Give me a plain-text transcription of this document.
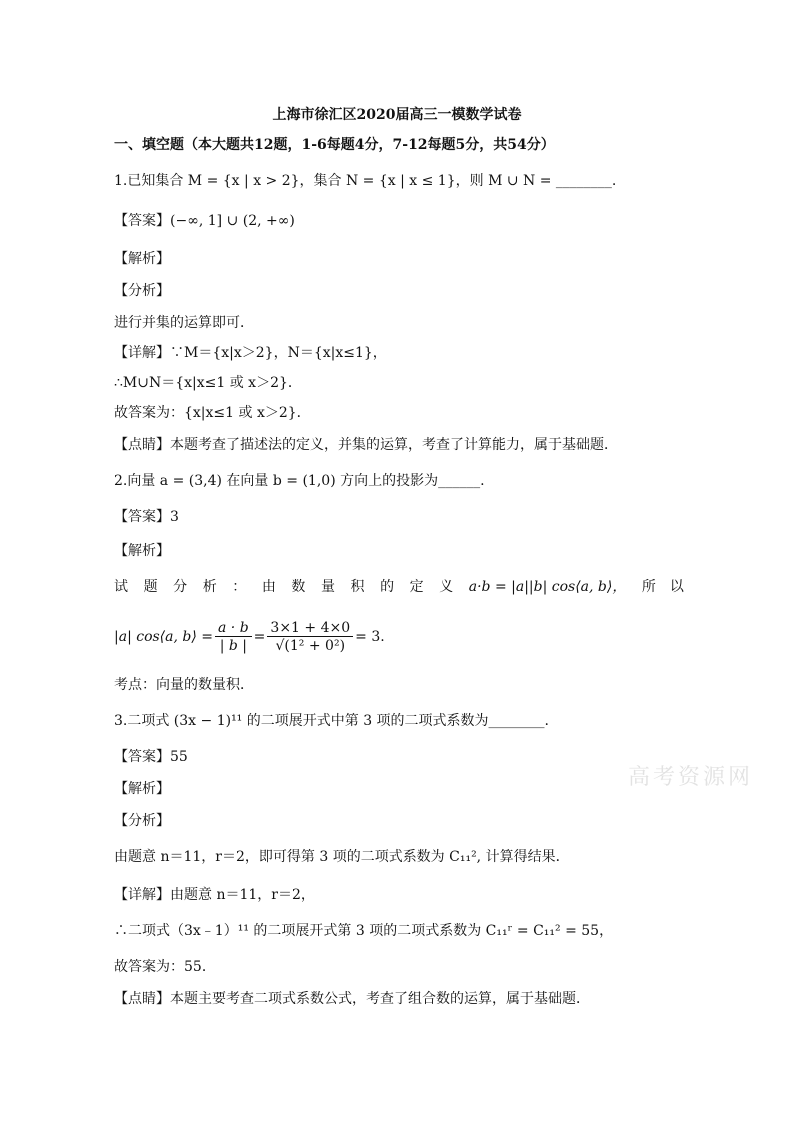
上海市徐汇区2020届高三一模数学试卷
一、填空题（本大题共12题，1-6每题4分，7-12每题5分，共54分）
1.已知集合 M = {x | x > 2}，集合 N = {x | x ≤ 1}，则 M ∪ N = ________.
【答案】(−∞, 1] ∪ (2, +∞)
【解析】
【分析】
进行并集的运算即可．
【详解】∵M＝{x|x＞2}，N＝{x|x≤1}，
∴M∪N＝{x|x≤1 或 x＞2}．
故答案为：{x|x≤1 或 x＞2}．
【点睛】本题考查了描述法的定义，并集的运算，考查了计算能力，属于基础题．
2.向量 a = (3,4) 在向量 b = (1,0) 方向上的投影为______.
【答案】3
【解析】
试 题 分 析 ： 由 数 量 积 的 定 义 a·b = |a||b| cos⟨a, b⟩， 所　以
|a| cos⟨a, b⟩ = $\frac{a \cdot b}{| b |} = \frac{3\times 1 + 4\times 0}{\text{√(1² + 0²)}} = 3$.
考点：向量的数量积．
3.二项式 (3x − 1)¹¹ 的二项展开式中第 3 项的二项式系数为________.
【答案】55
【解析】
【分析】
由题意 n＝11，r＝2，即可得第 3 项的二项式系数为 C₁₁², 计算得结果．
【详解】由题意 n＝11，r＝2，
∴二项式（3x﹣1）¹¹ 的二项展开式第 3 项的二项式系数为 C₁₁ʳ = C₁₁² = 55，
故答案为：55．
【点睛】本题主要考查二项式系数公式，考查了组合数的运算，属于基础题．
高考资源网
